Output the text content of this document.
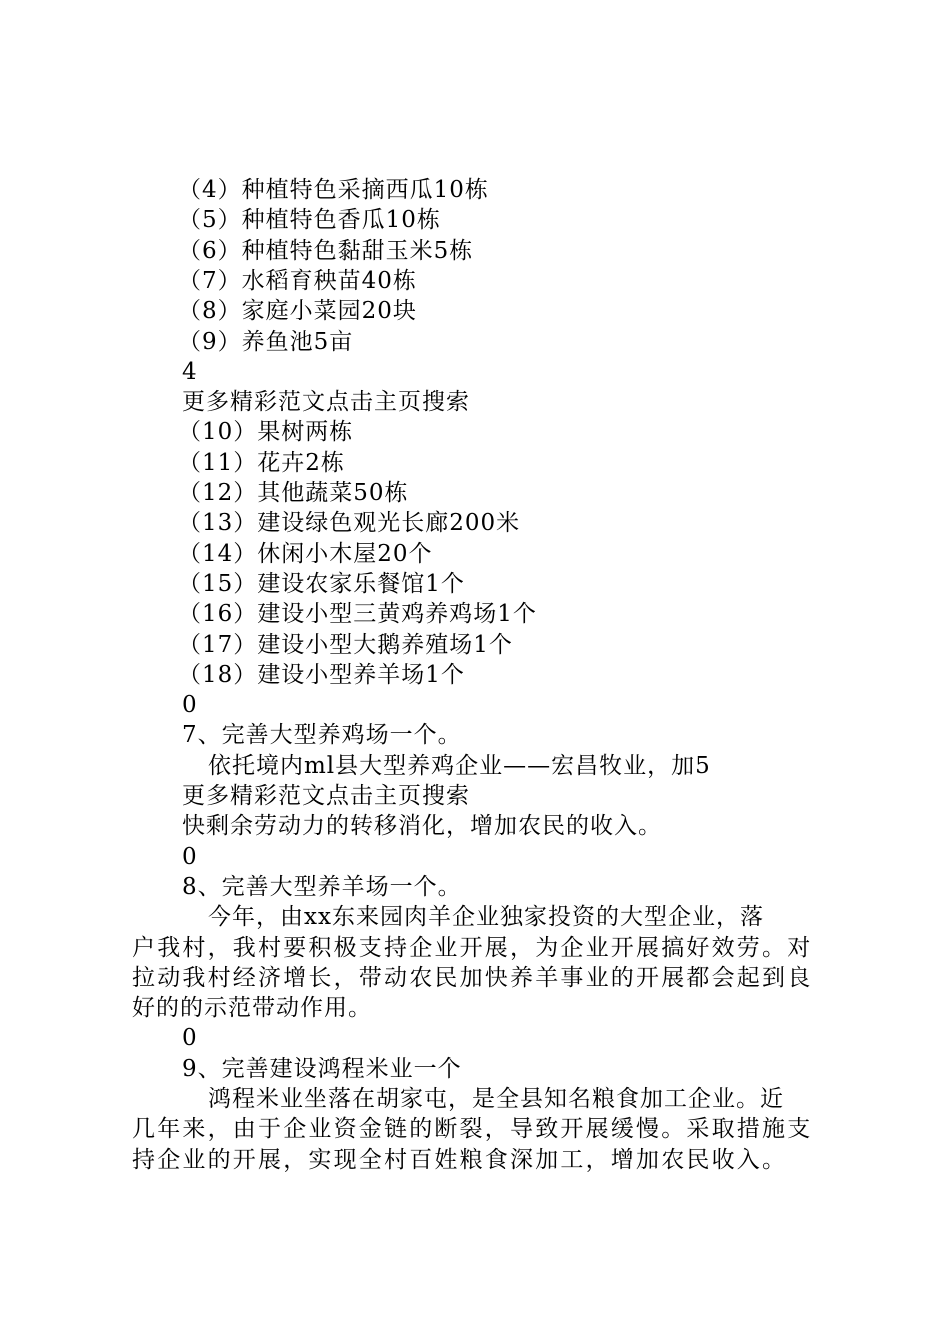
（4）种植特色采摘西瓜10栋
（5）种植特色香瓜10栋
（6）种植特色黏甜玉米5栋
（7）水稻育秧苗40栋
（8）家庭小菜园20块
（9）养鱼池5亩
4
更多精彩范文点击主页搜索
（10）果树两栋
（11）花卉2栋
（12）其他蔬菜50栋
（13）建设绿色观光长廊200米
（14）休闲小木屋20个
（15）建设农家乐餐馆1个
（16）建设小型三黄鸡养鸡场1个
（17）建设小型大鹅养殖场1个
（18）建设小型养羊场1个
0
7、完善大型养鸡场一个。
依托境内ml县大型养鸡企业——宏昌牧业，加5
更多精彩范文点击主页搜索
快剩余劳动力的转移消化，增加农民的收入。
0
8、完善大型养羊场一个。
今年，由xx东来园肉羊企业独家投资的大型企业，落
户我村，我村要积极支持企业开展，为企业开展搞好效劳。对
拉动我村经济增长，带动农民加快养羊事业的开展都会起到良
好的的示范带动作用。
0
9、完善建设鸿程米业一个
鸿程米业坐落在胡家屯，是全县知名粮食加工企业。近
几年来，由于企业资金链的断裂，导致开展缓慢。采取措施支
持企业的开展，实现全村百姓粮食深加工，增加农民收入。
